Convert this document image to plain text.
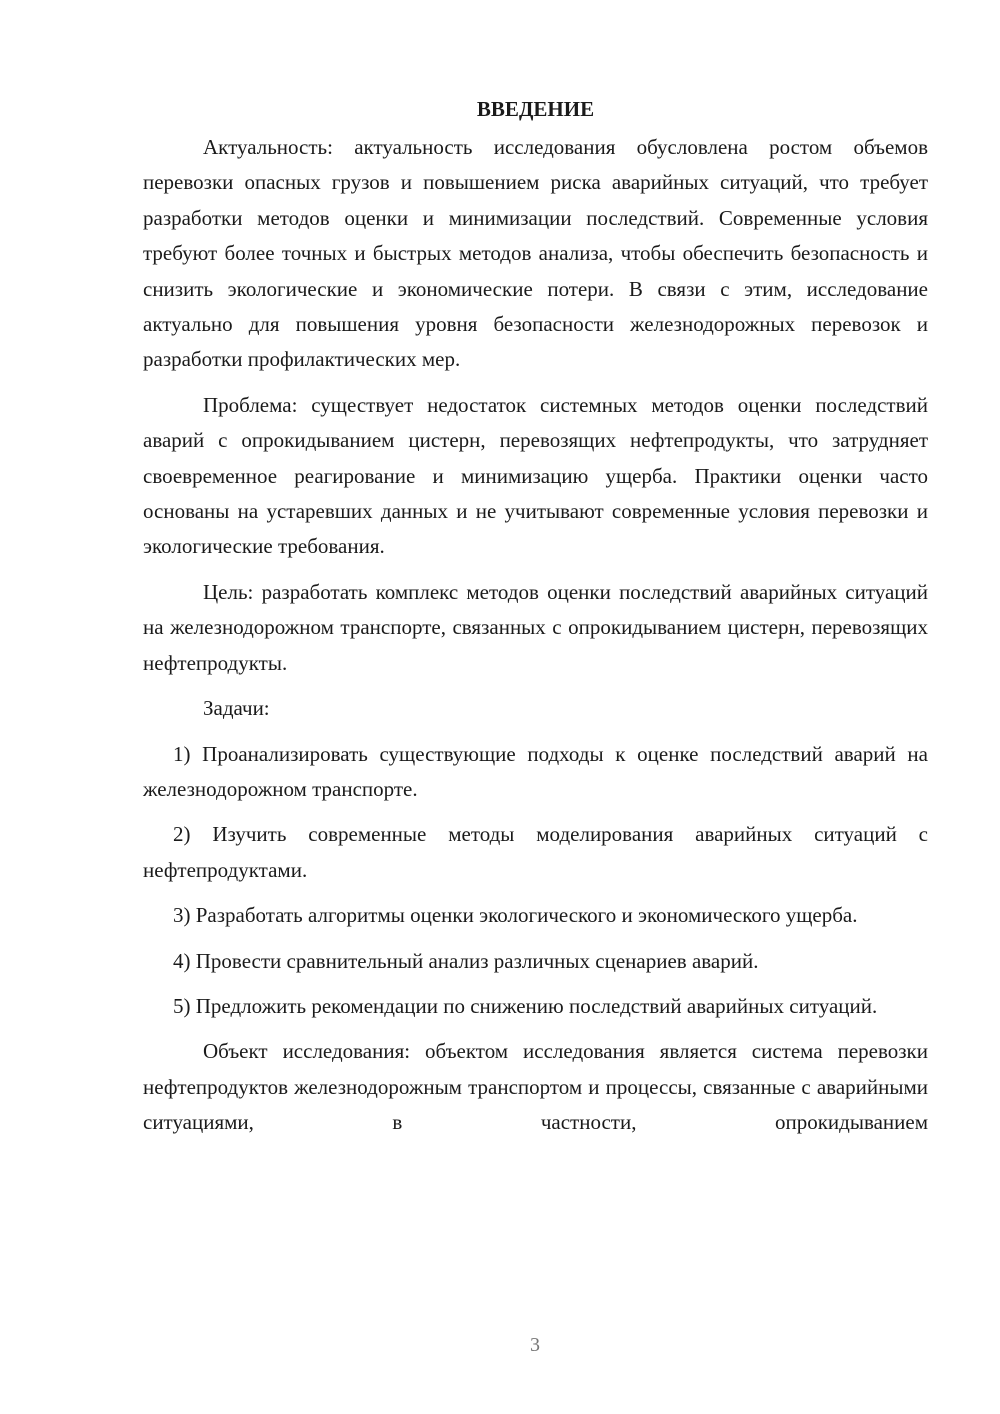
ВВЕДЕНИЕ

Актуальность: актуальность исследования обусловлена ростом объемов перевозки опасных грузов и повышением риска аварийных ситуаций, что требует разработки методов оценки и минимизации последствий. Современные условия требуют более точных и быстрых методов анализа, чтобы обеспечить безопасность и снизить экологические и экономические потери. В связи с этим, исследование актуально для повышения уровня безопасности железнодорожных перевозок и разработки профилактических мер.

Проблема: существует недостаток системных методов оценки последствий аварий с опрокидыванием цистерн, перевозящих нефтепродукты, что затрудняет своевременное реагирование и минимизацию ущерба. Практики оценки часто основаны на устаревших данных и не учитывают современные условия перевозки и экологические требования.

Цель: разработать комплекс методов оценки последствий аварийных ситуаций на железнодорожном транспорте, связанных с опрокидыванием цистерн, перевозящих нефтепродукты.

Задачи:

1) Проанализировать существующие подходы к оценке последствий аварий на железнодорожном транспорте.

2) Изучить современные методы моделирования аварийных ситуаций с нефтепродуктами.

3) Разработать алгоритмы оценки экологического и экономического ущерба.

4) Провести сравнительный анализ различных сценариев аварий.

5) Предложить рекомендации по снижению последствий аварийных ситуаций.

Объект исследования: объектом исследования является система перевозки нефтепродуктов железнодорожным транспортом и процессы, связанные с аварийными ситуациями, в частности, опрокидыванием

3
